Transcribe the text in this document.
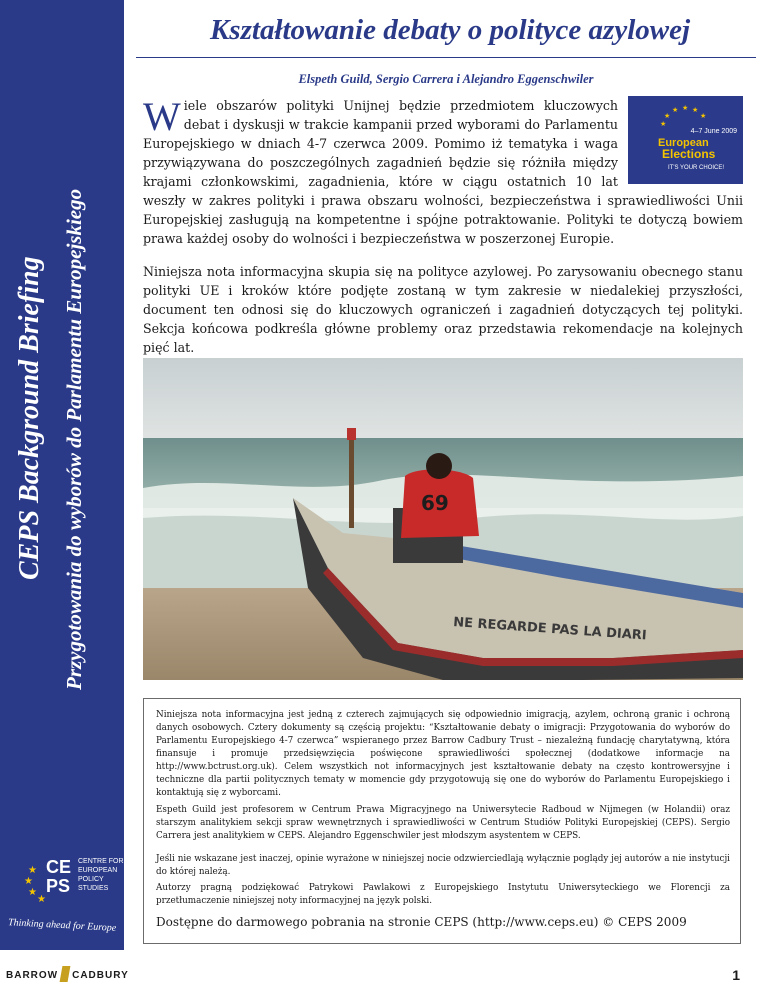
CEPS Background Briefing Przygotowania do wyborów do Parlamentu Europejskiego
★
★
★
★
CE PS
CENTRE FOR
EUROPEAN
POLICY
STUDIES
Thinking ahead for Europe
BARROW CADBURY
Kształtowanie debaty o polityce azylowej

Elspeth Guild, Sergio Carrera i Alejandro Eggenschwiler

★ ★
★
★
★
★
4–7 June 2009
European
Elections
IT'S YOUR CHOICE!
W iele obszarów polityki Unijnej będzie przedmiotem kluczowych debat i dyskusji w trakcie kampanii przed wyborami do Parlamentu Europejskiego w dniach 4-7 czerwca 2009. Pomimo iż tematyka i waga przywiązywana do poszczególnych zagadnień będzie się różniła między krajami członkowskimi, zagadnienia, które w ciągu ostatnich 10 lat weszły w zakres polityki i prawa obszaru wolności, bezpieczeństwa i sprawiedliwości Unii Europejskiej zasługują na kompetentne i spójne potraktowanie. Polityki te dotyczą bowiem prawa każdej osoby do wolności i bezpieczeństwa w poszerzonej Europie.

Niniejsza nota informacyjna skupia się na polityce azylowej. Po zarysowaniu obecnego stanu polityki UE i kroków które podjęte zostaną w tym zakresie w niedalekiej przyszłości, document ten odnosi się do kluczowych ograniczeń i zagadnień dotyczących tej polityki. Sekcja końcowa podkreśla główne problemy oraz przedstawia rekomendacje na kolejnych pięć lat.

69
NE REGARDE PAS LA DIARI

Niniejsza nota informacyjna jest jedną z czterech zajmujących się odpowiednio imigracją, azylem, ochroną granic i ochroną danych osobowych. Cztery dokumenty są częścią projektu: “Kształtowanie debaty o imigracji: Przygotowania do wyborów do Parlamentu Europejskiego 4-7 czerwca” wspieranego przez Barrow Cadbury Trust – niezależną fundację charytatywną, która finansuje i promuje przedsięwzięcia poświęcone sprawiedliwości społecznej (dodatkowe informacje na http://www.bctrust.org.uk). Celem wszystkich not informacyjnych jest kształtowanie debaty na często kontrowersyjne i techniczne dla partii politycznych tematy w momencie gdy przygotowują się one do wyborów do Parlamentu Europejskiego i kontaktują się z wyborcami.

Espeth Guild jest profesorem w Centrum Prawa Migracyjnego na Uniwersytecie Radboud w Nijmegen (w Holandii) oraz starszym analitykiem sekcji spraw wewnętrznych i sprawiedliwości w Centrum Studiów Polityki Europejskiej (CEPS). Sergio Carrera jest analitykiem w CEPS. Alejandro Eggenschwiler jest młodszym asystentem w CEPS.

Jeśli nie wskazane jest inaczej, opinie wyrażone w niniejszej nocie odzwierciedlają wyłącznie poglądy jej autorów a nie instytucji do której należą.

Autorzy pragną podziękować Patrykowi Pawlakowi z Europejskiego Instytutu Uniwersyteckiego we Florencji za przetłumaczenie niniejszej noty informacyjnej na język polski.

Dostępne do darmowego pobrania na stronie CEPS (http://www.ceps.eu) © CEPS 2009

1
